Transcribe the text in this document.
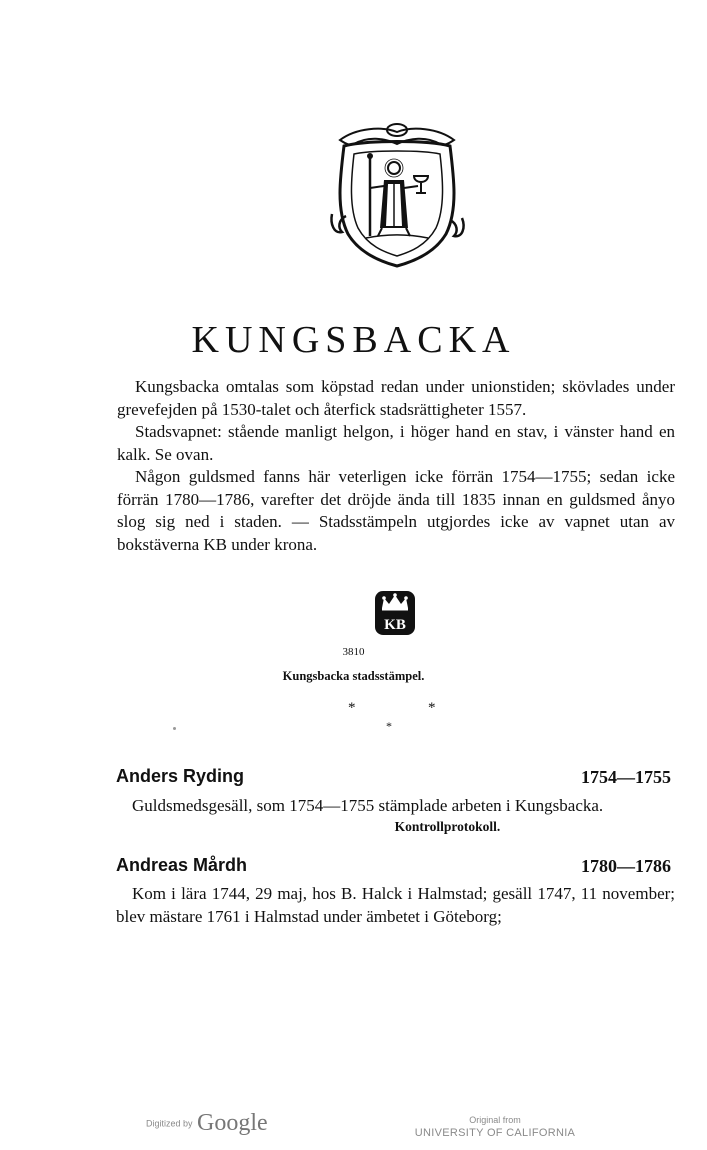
KUNGSBACKA

Kungsbacka omtalas som köpstad redan under unionstiden; skövlades under grevefejden på 1530-talet och återfick stadsrättigheter 1557.

Stadsvapnet: stående manligt helgon, i höger hand en stav, i vänster hand en kalk. Se ovan.

Någon guldsmed fanns här veterligen icke förrän 1754—1755; sedan icke förrän 1780—1786, varefter det dröjde ända till 1835 innan en guldsmed ånyo slog sig ned i staden. — Stadsstämpeln utgjordes icke av vapnet utan av bokstäverna KB under krona.

KB
3810
Kungsbacka stadsstämpel.
*	*
*
Anders Ryding	1754—1755

Guldsmedsgesäll, som 1754—1755 stämplade arbeten i Kungsbacka.

Kontrollprotokoll.
Andreas Mårdh	1780—1786

Kom i lära 1744, 29 maj, hos B. Halck i Halmstad; gesäll 1747, 11 november; blev mästare 1761 i Halmstad under ämbetet i Göteborg;

Digitized by Google	Original from
UNIVERSITY OF CALIFORNIA
